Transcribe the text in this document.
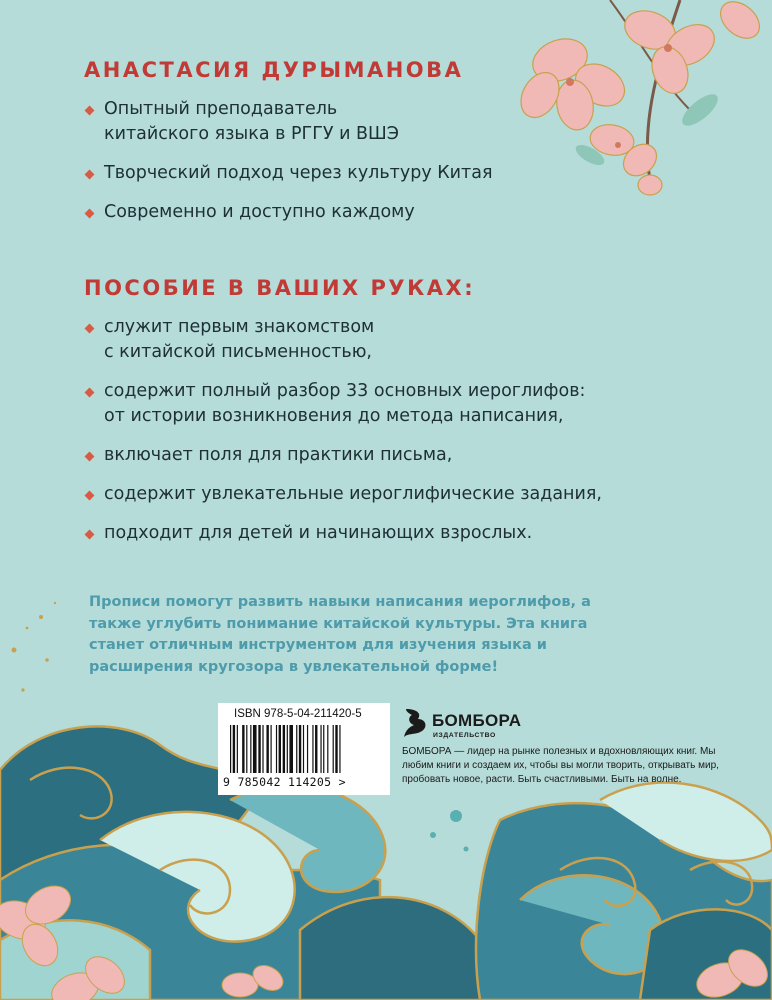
АНАСТАСИЯ ДУРЫМАНОВА
Опытный преподаватель
китайского языка в РГГУ и ВШЭ
Творческий подход через культуру Китая
Современно и доступно каждому
ПОСОБИЕ В ВАШИХ РУКАХ:
служит первым знакомством
с китайской письменностью,
содержит полный разбор 33 основных иероглифов:
от истории возникновения до метода написания,
включает поля для практики письма,
содержит увлекательные иероглифические задания,
подходит для детей и начинающих взрослых.
Прописи помогут развить навыки написания иероглифов, а также углубить понимание китайской культуры. Эта книга станет отличным инструментом для изучения языка и расширения кругозора в увлекательной форме!
ISBN 978-5-04-211420-5
9 785042 114205 >
БОМБОРА
ИЗДАТЕЛЬСТВО
БОМБОРА — лидер на рынке полезных и вдохновляющих книг. Мы любим книги и создаем их, чтобы вы могли творить, открывать мир, пробовать новое, расти. Быть счастливыми. Быть на волне.
